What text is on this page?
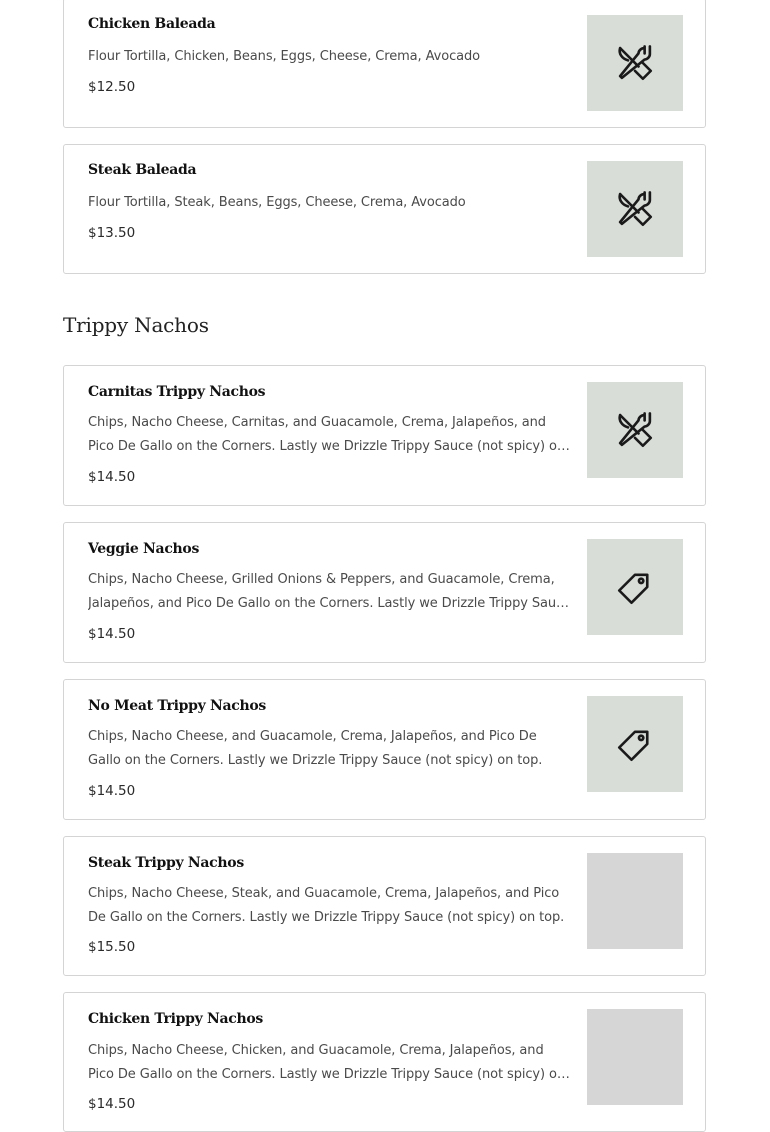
Chicken Baleada
Flour Tortilla, Chicken, Beans, Eggs, Cheese, Crema, Avocado
$12.50
Steak Baleada
Flour Tortilla, Steak, Beans, Eggs, Cheese, Crema, Avocado
$13.50
Trippy Nachos
Carnitas Trippy Nachos
Chips, Nacho Cheese, Carnitas, and Guacamole, Crema, Jalapeños, and Pico De Gallo on the Corners. Lastly we Drizzle Trippy Sauce (not spicy) on
$14.50
Veggie Nachos
Chips, Nacho Cheese, Grilled Onions & Peppers, and Guacamole, Crema, Jalapeños, and Pico De Gallo on the Corners. Lastly we Drizzle Trippy Sauce
$14.50
No Meat Trippy Nachos
Chips, Nacho Cheese, and Guacamole, Crema, Jalapeños, and Pico De Gallo on the Corners. Lastly we Drizzle Trippy Sauce (not spicy) on top.
$14.50
Steak Trippy Nachos
Chips, Nacho Cheese, Steak, and Guacamole, Crema, Jalapeños, and Pico De Gallo on the Corners. Lastly we Drizzle Trippy Sauce (not spicy) on top.
$15.50
Chicken Trippy Nachos
Chips, Nacho Cheese, Chicken, and Guacamole, Crema, Jalapeños, and Pico De Gallo on the Corners. Lastly we Drizzle Trippy Sauce (not spicy) on
$14.50
